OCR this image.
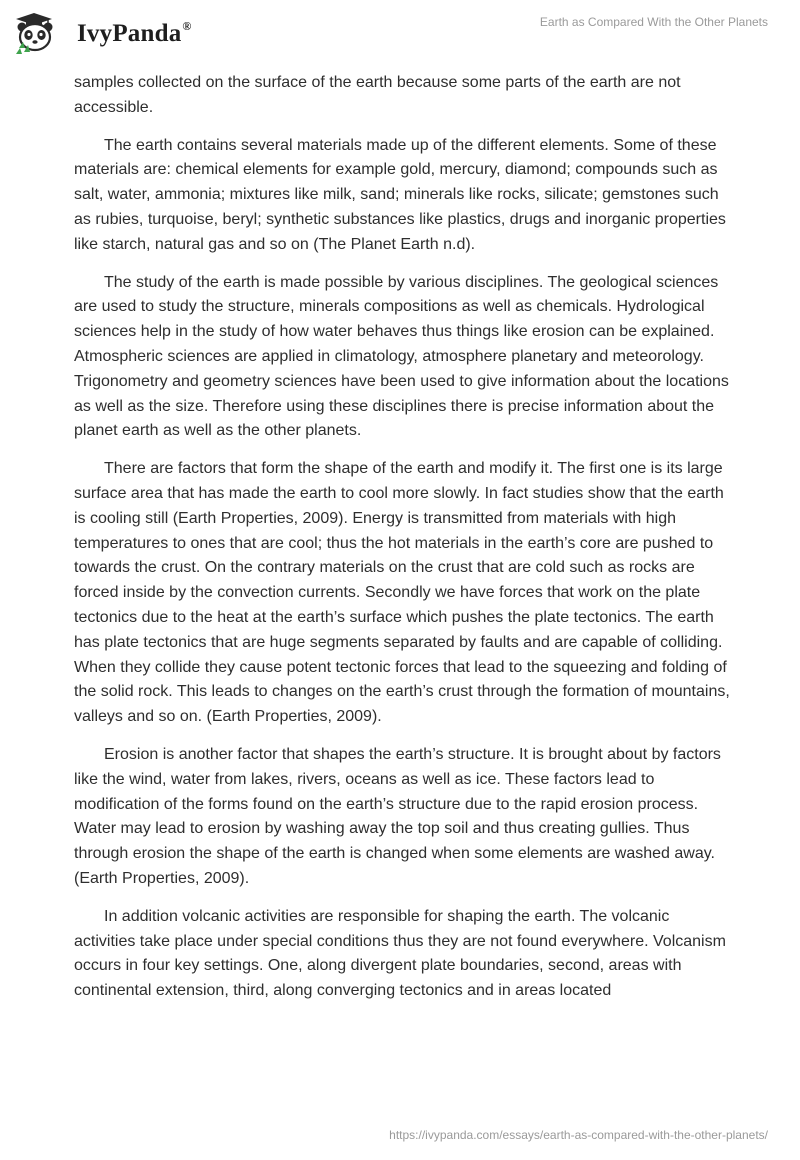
IvyPanda®	Earth as Compared With the Other Planets

samples collected on the surface of the earth because some parts of the earth are not accessible.

The earth contains several materials made up of the different elements. Some of these materials are: chemical elements for example gold, mercury, diamond; compounds such as salt, water, ammonia; mixtures like milk, sand; minerals like rocks, silicate; gemstones such as rubies, turquoise, beryl; synthetic substances like plastics, drugs and inorganic properties like starch, natural gas and so on (The Planet Earth n.d).

The study of the earth is made possible by various disciplines. The geological sciences are used to study the structure, minerals compositions as well as chemicals. Hydrological sciences help in the study of how water behaves thus things like erosion can be explained. Atmospheric sciences are applied in climatology, atmosphere planetary and meteorology. Trigonometry and geometry sciences have been used to give information about the locations as well as the size. Therefore using these disciplines there is precise information about the planet earth as well as the other planets.

There are factors that form the shape of the earth and modify it. The first one is its large surface area that has made the earth to cool more slowly. In fact studies show that the earth is cooling still (Earth Properties, 2009). Energy is transmitted from materials with high temperatures to ones that are cool; thus the hot materials in the earth’s core are pushed to towards the crust. On the contrary materials on the crust that are cold such as rocks are forced inside by the convection currents. Secondly we have forces that work on the plate tectonics due to the heat at the earth’s surface which pushes the plate tectonics. The earth has plate tectonics that are huge segments separated by faults and are capable of colliding. When they collide they cause potent tectonic forces that lead to the squeezing and folding of the solid rock. This leads to changes on the earth’s crust through the formation of mountains, valleys and so on. (Earth Properties, 2009).

Erosion is another factor that shapes the earth’s structure. It is brought about by factors like the wind, water from lakes, rivers, oceans as well as ice. These factors lead to modification of the forms found on the earth’s structure due to the rapid erosion process. Water may lead to erosion by washing away the top soil and thus creating gullies. Thus through erosion the shape of the earth is changed when some elements are washed away. (Earth Properties, 2009).

In addition volcanic activities are responsible for shaping the earth. The volcanic activities take place under special conditions thus they are not found everywhere. Volcanism occurs in four key settings. One, along divergent plate boundaries, second, areas with continental extension, third, along converging tectonics and in areas located

https://ivypanda.com/essays/earth-as-compared-with-the-other-planets/
